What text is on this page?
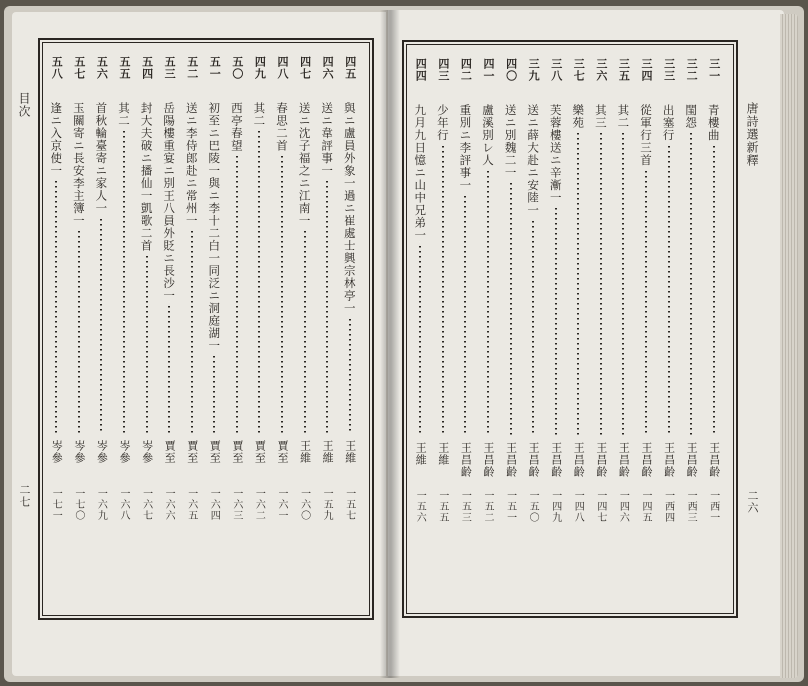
目次
二七
唐詩選新釋
二六
四五
與ニ盧員外象一過ニ崔處士興宗林亭一
王維
一五七
四六
送ニ韋評事一
王維
一五九
四七
送ニ沈子福之ニ江南一
王維
一六〇
四八
春思二首
賈至
一六一
四九
其二
賈至
一六二
五〇
西亭春望
賈至
一六三
五一
初至ニ巴陵一與ニ李十二白一同泛ニ洞庭湖一
賈至
一六四
五二
送ニ李侍郎赴ニ常州一
賈至
一六五
五三
岳陽樓重宴ニ別王八員外貶ニ長沙一
賈至
一六六
五四
封大夫破ニ播仙一凱歌二首
岑參
一六七
五五
其二
岑參
一六八
五六
首秋輪臺寄ニ家人一
岑參
一六九
五七
玉關寄ニ長安李主簿一
岑參
一七〇
五八
逢ニ入京使一
岑參
一七一
三一
青樓曲
王昌齡
一西一
三二
閨怨
王昌齡
一西三
三三
出塞行
王昌齡
一西四
三四
從軍行三首
王昌齡
一四五
三五
其二
王昌齡
一四六
三六
其三
王昌齡
一四七
三七
樂苑
王昌齡
一四八
三八
芙蓉樓送ニ辛漸一
王昌齡
一四九
三九
送ニ薛大赴ニ安陸一
王昌齡
一五〇
四〇
送ニ別魏二一
王昌齡
一五一
四一
盧溪別レ人
王昌齡
一五二
四二
重別ニ李評事一
王昌齡
一五三
四三
少年行
王維
一五五
四四
九月九日憶ニ山中兄弟一
王維
一五六
